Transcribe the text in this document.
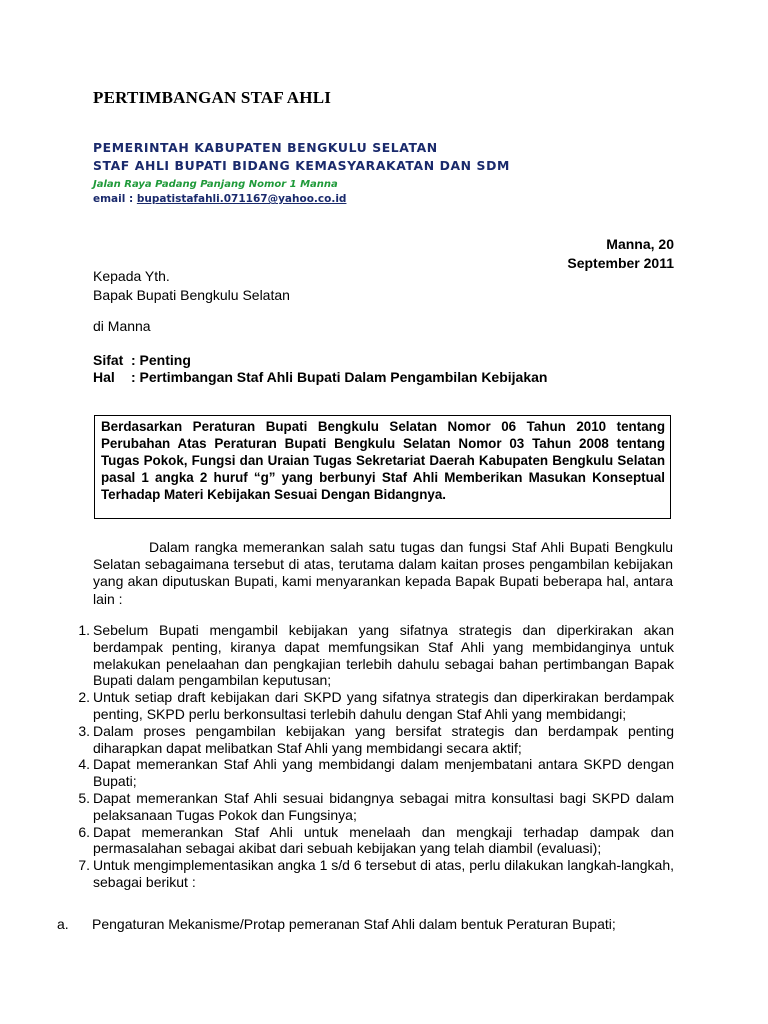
PERTIMBANGAN STAF AHLI
PEMERINTAH KABUPATEN BENGKULU SELATAN
STAF AHLI BUPATI BIDANG KEMASYARAKATAN DAN SDM
Jalan Raya Padang Panjang Nomor 1 Manna
email : bupatistafahli.071167@yahoo.co.id
Manna, 20
September 2011
Kepada Yth.
Bapak Bupati Bengkulu Selatan
di Manna
Sifat : Penting
Hal : Pertimbangan Staf Ahli Bupati Dalam Pengambilan Kebijakan
Berdasarkan Peraturan Bupati Bengkulu Selatan Nomor 06 Tahun 2010 tentang Perubahan Atas Peraturan Bupati Bengkulu Selatan Nomor 03 Tahun 2008 tentang Tugas Pokok, Fungsi dan Uraian Tugas Sekretariat Daerah Kabupaten Bengkulu Selatan pasal 1 angka 2 huruf “g” yang berbunyi Staf Ahli Memberikan Masukan Konseptual Terhadap Materi Kebijakan Sesuai Dengan Bidangnya.
Dalam rangka memerankan salah satu tugas dan fungsi Staf Ahli Bupati Bengkulu Selatan sebagaimana tersebut di atas, terutama dalam kaitan proses pengambilan kebijakan yang akan diputuskan Bupati, kami menyarankan kepada Bapak Bupati beberapa hal, antara lain :
1. Sebelum Bupati mengambil kebijakan yang sifatnya strategis dan diperkirakan akan berdampak penting, kiranya dapat memfungsikan Staf Ahli yang membidanginya untuk melakukan penelaahan dan pengkajian terlebih dahulu sebagai bahan pertimbangan Bapak Bupati dalam pengambilan keputusan;
2. Untuk setiap draft kebijakan dari SKPD yang sifatnya strategis dan diperkirakan berdampak penting, SKPD perlu berkonsultasi terlebih dahulu dengan Staf Ahli yang membidangi;
3. Dalam proses pengambilan kebijakan yang bersifat strategis dan berdampak penting diharapkan dapat melibatkan Staf Ahli yang membidangi secara aktif;
4. Dapat memerankan Staf Ahli yang membidangi dalam menjembatani antara SKPD dengan Bupati;
5. Dapat memerankan Staf Ahli sesuai bidangnya sebagai mitra konsultasi bagi SKPD dalam pelaksanaan Tugas Pokok dan Fungsinya;
6. Dapat memerankan Staf Ahli untuk menelaah dan mengkaji terhadap dampak dan permasalahan sebagai akibat dari sebuah kebijakan yang telah diambil (evaluasi);
7. Untuk mengimplementasikan angka 1 s/d 6 tersebut di atas, perlu dilakukan langkah-langkah, sebagai berikut :
a. Pengaturan Mekanisme/Protap pemeranan Staf Ahli dalam bentuk Peraturan Bupati;
